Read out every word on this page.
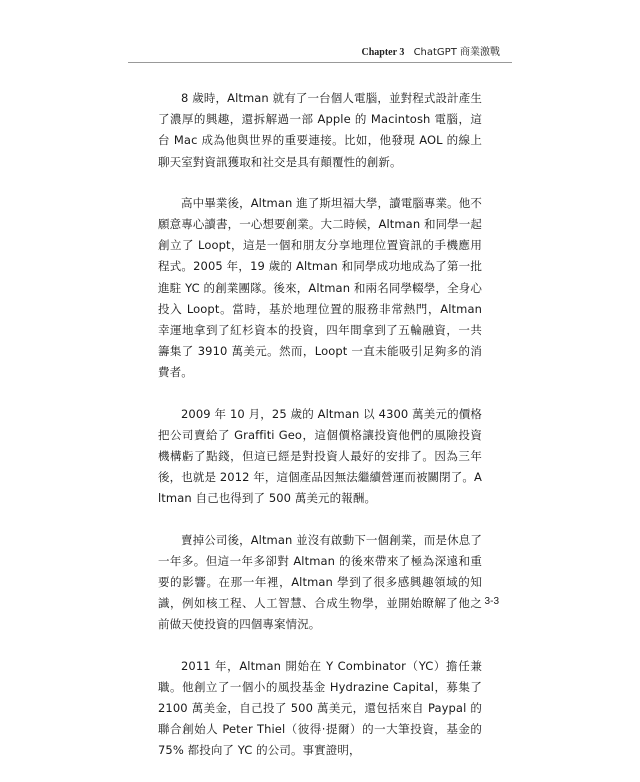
Chapter 3 ChatGPT 商業激戰

8 歲時，Altman 就有了一台個人電腦，並對程式設計產生了濃厚的興趣，還拆解過一部 Apple 的 Macintosh 電腦，這台 Mac 成為他與世界的重要連接。比如，他發現 AOL 的線上聊天室對資訊獲取和社交是具有顛覆性的創新。

高中畢業後，Altman 進了斯坦福大學，讀電腦專業。他不願意專心讀書，一心想要創業。大二時候，Altman 和同學一起創立了 Loopt，這是一個和朋友分享地理位置資訊的手機應用程式。2005 年，19 歲的 Altman 和同學成功地成為了第一批進駐 YC 的創業團隊。後來，Altman 和兩名同學輟學，全身心投入 Loopt。當時，基於地理位置的服務非常熱門，Altman 幸運地拿到了紅杉資本的投資，四年間拿到了五輪融資，一共籌集了 3910 萬美元。然而，Loopt 一直未能吸引足夠多的消費者。

2009 年 10 月，25 歲的 Altman 以 4300 萬美元的價格把公司賣給了 Graffiti Geo，這個價格讓投資他們的風險投資機構虧了點錢，但這已經是對投資人最好的安排了。因為三年後，也就是 2012 年，這個產品因無法繼續營運而被關閉了。Altman 自己也得到了 500 萬美元的報酬。

賣掉公司後，Altman 並沒有啟動下一個創業，而是休息了一年多。但這一年多卻對 Altman 的後來帶來了極為深遠和重要的影響。在那一年裡，Altman 學到了很多感興趣領域的知識，例如核工程、人工智慧、合成生物學，並開始瞭解了他之前做天使投資的四個專案情況。

2011 年，Altman 開始在 Y Combinator（YC）擔任兼職。他創立了一個小的風投基金 Hydrazine Capital，募集了 2100 萬美金，自己投了 500 萬美元，還包括來自 Paypal 的聯合創始人 Peter Thiel（彼得·提爾）的一大筆投資，基金的 75% 都投向了 YC 的公司。事實證明，

3-3
